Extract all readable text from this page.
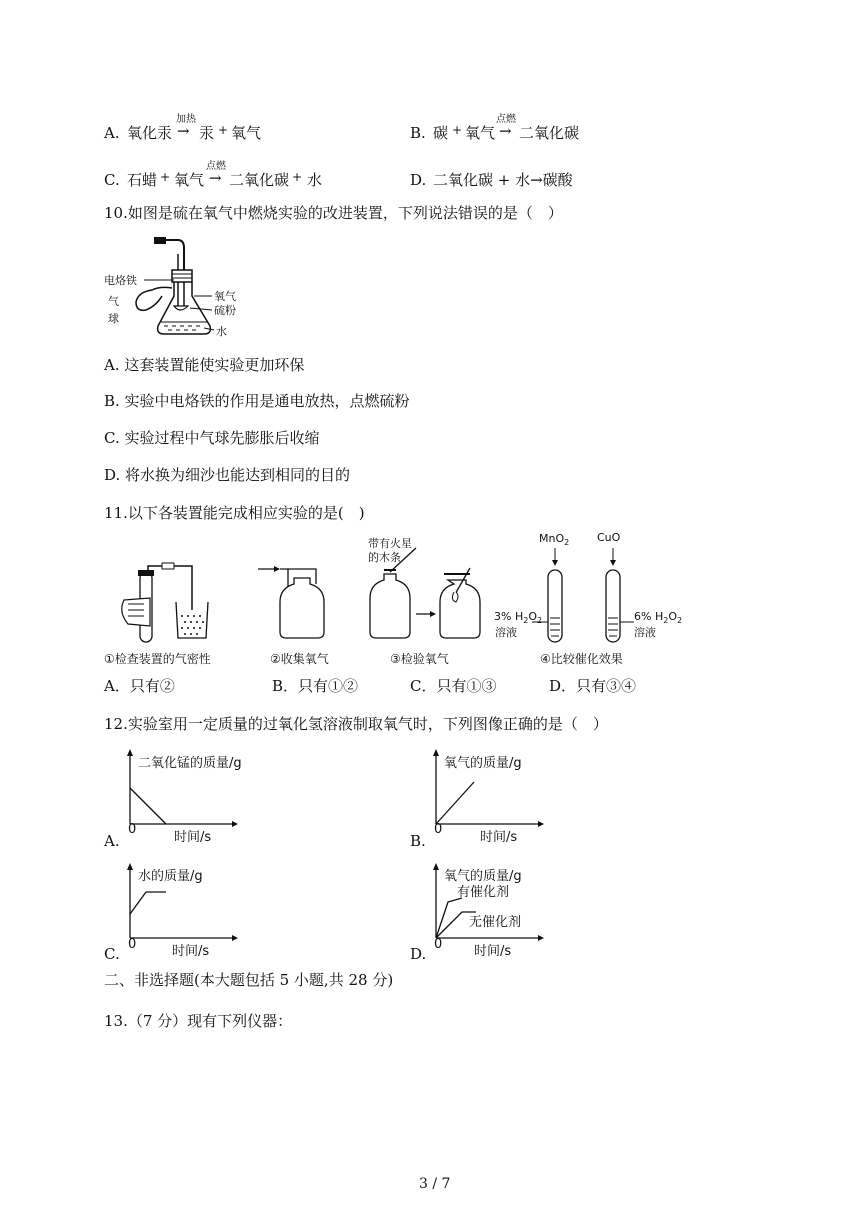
A. 氧化汞
加热
→ 汞 + 氧气	B. 碳 + 氧气
点燃
→ 二氧化碳
C. 石蜡 + 氧气
点燃
→ 二氧化碳 + 水	D. 二氧化碳 + 水→碳酸
10.如图是硫在氧气中燃烧实验的改进装置，下列说法错误的是（　）
电烙铁
气
球
氧气
硫粉
水
A. 这套装置能使实验更加环保
B. 实验中电烙铁的作用是通电放热，点燃硫粉
C. 实验过程中气球先膨胀后收缩
D. 将水换为细沙也能达到相同的目的
11.以下各装置能完成相应实验的是(　)
带有火星
的木条
MnO$_2$	CuO
3% $H_2O_2$
溶液
6% $H_2O_2$
溶液
①检查装置的气密性	②收集氧气	③检验氧气	④比较催化效果
A．只有②	B．只有①②	C．只有①③	D．只有③④
12.实验室用一定质量的过氧化氢溶液制取氧气时，下列图像正确的是（　）
A.
二氧化锰的质量/g
时间/s
0
B.
氧气的质量/g
时间/s
0
C.
水的质量/g
时间/s
0
D.
氧气的质量/g
有催化剂
无催化剂
时间/s
0
二、非选择题(本大题包括 5 小题,共 28 分)
13.（7 分）现有下列仪器：
3 / 7
